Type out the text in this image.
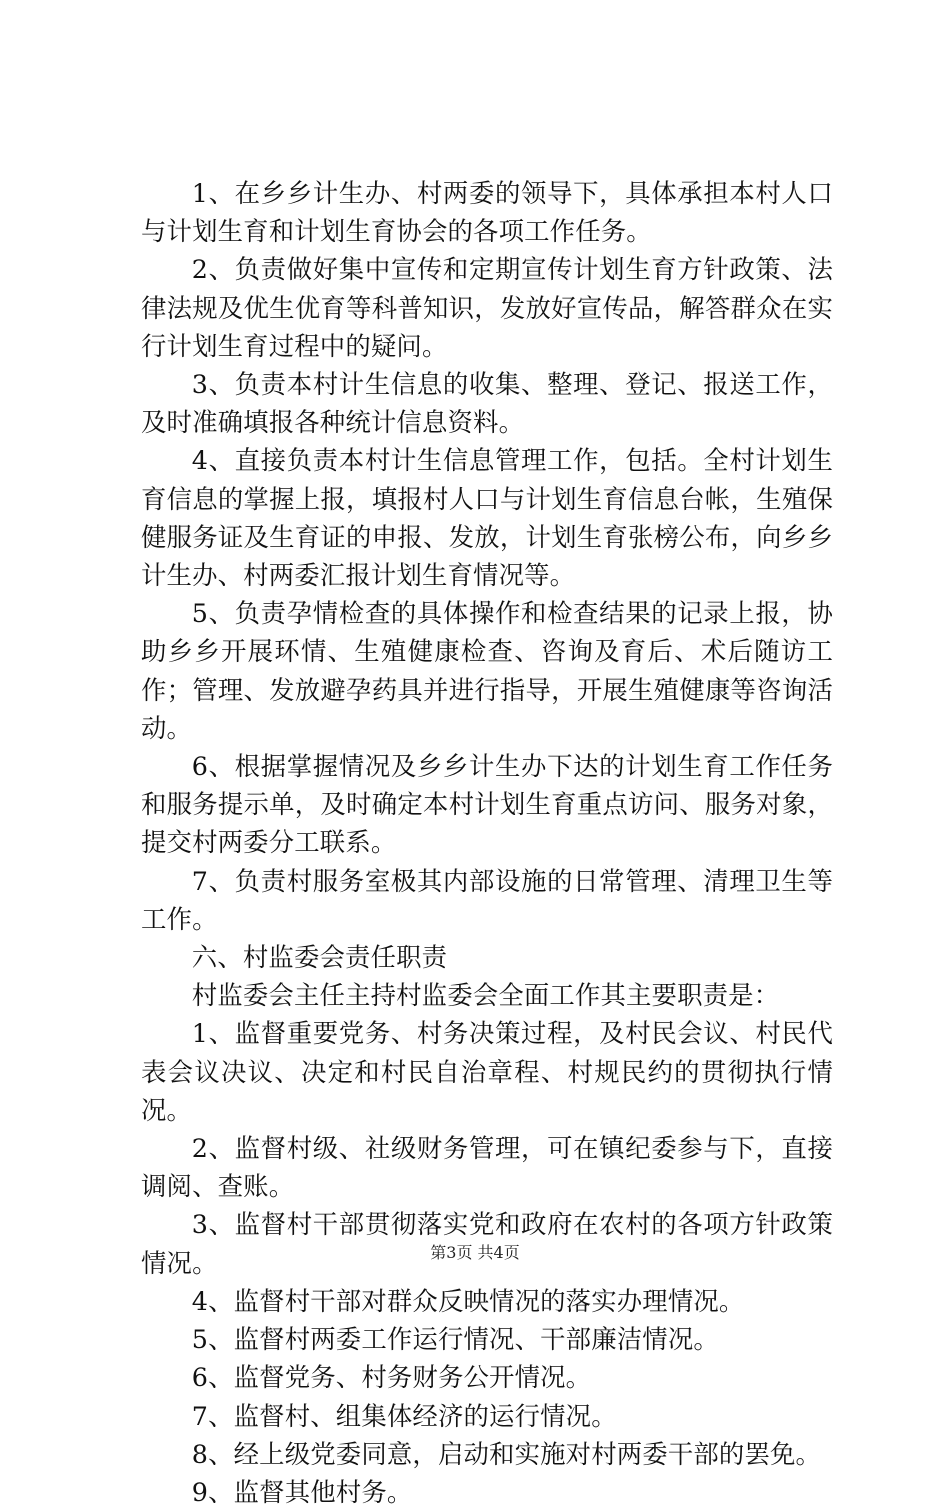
1、在乡乡计生办、村两委的领导下，具体承担本村人口与计划生育和计划生育协会的各项工作任务。

2、负责做好集中宣传和定期宣传计划生育方针政策、法律法规及优生优育等科普知识，发放好宣传品，解答群众在实行计划生育过程中的疑问。

3、负责本村计生信息的收集、整理、登记、报送工作，及时准确填报各种统计信息资料。

4、直接负责本村计生信息管理工作，包括。全村计划生育信息的掌握上报，填报村人口与计划生育信息台帐，生殖保健服务证及生育证的申报、发放，计划生育张榜公布，向乡乡计生办、村两委汇报计划生育情况等。

5、负责孕情检查的具体操作和检查结果的记录上报，协助乡乡开展环情、生殖健康检查、咨询及育后、术后随访工作；管理、发放避孕药具并进行指导，开展生殖健康等咨询活动。

6、根据掌握情况及乡乡计生办下达的计划生育工作任务和服务提示单，及时确定本村计划生育重点访问、服务对象，提交村两委分工联系。

7、负责村服务室极其内部设施的日常管理、清理卫生等工作。

六、村监委会责任职责

村监委会主任主持村监委会全面工作其主要职责是：

1、监督重要党务、村务决策过程，及村民会议、村民代表会议决议、决定和村民自治章程、村规民约的贯彻执行情况。

2、监督村级、社级财务管理，可在镇纪委参与下，直接调阅、查账。

3、监督村干部贯彻落实党和政府在农村的各项方针政策情况。

4、监督村干部对群众反映情况的落实办理情况。

5、监督村两委工作运行情况、干部廉洁情况。

6、监督党务、村务财务公开情况。

7、监督村、组集体经济的运行情况。

8、经上级党委同意，启动和实施对村两委干部的罢免。

9、监督其他村务。

第3页 共4页
